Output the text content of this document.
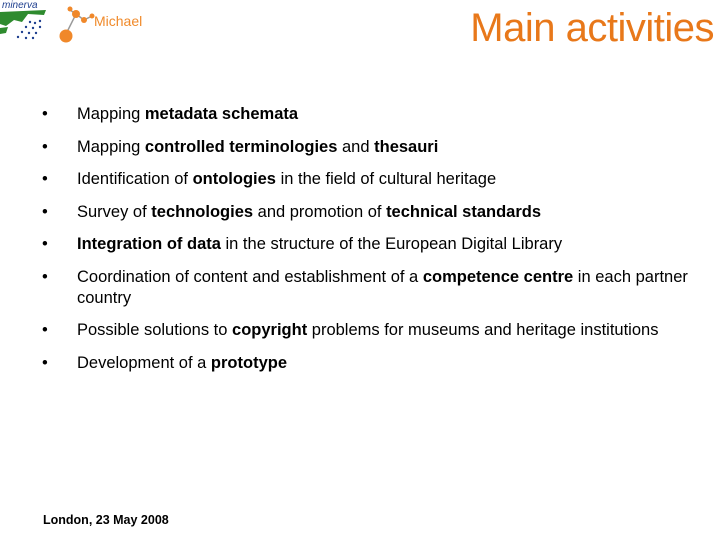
minerva
Michael	Main activities
• Mapping metadata schemata
• Mapping controlled terminologies and thesauri
• Identification of ontologies in the field of cultural heritage
• Survey of technologies and promotion of technical standards
• Integration of data in the structure of the European Digital Library
• Coordination of content and establishment of a competence centre in each partner country
• Possible solutions to copyright problems for museums and heritage institutions
• Development of a prototype
London, 23 May 2008
